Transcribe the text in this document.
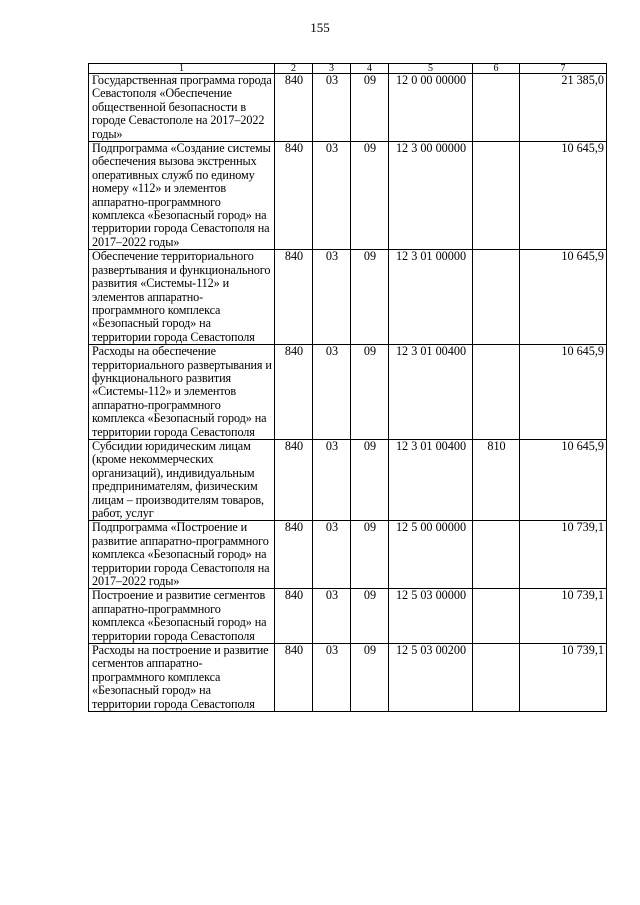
155
1	2	3	4	5	6	7
Государственная программа города Севастополя «Обеспечение общественной безопасности в городе Севастополе на 2017–2022 годы»	840	03	09	12 0 00 00000		21 385,0
Подпрограмма «Создание системы обеспечения вызова экстренных оперативных служб по единому номеру «112» и элементов аппаратно-программного комплекса «Безопасный город» на территории города Севастополя на 2017–2022 годы»	840	03	09	12 3 00 00000		10 645,9
Обеспечение территориального развертывания и функционального развития «Системы-112» и элементов аппаратно-программного комплекса «Безопасный город» на территории города Севастополя	840	03	09	12 3 01 00000		10 645,9
Расходы на обеспечение территориального развертывания и функционального развития «Системы-112» и элементов аппаратно-программного комплекса «Безопасный город» на территории города Севастополя	840	03	09	12 3 01 00400		10 645,9
Субсидии юридическим лицам (кроме некоммерческих организаций), индивидуальным предпринимателям, физическим лицам – производителям товаров, работ, услуг	840	03	09	12 3 01 00400	810	10 645,9
Подпрограмма «Построение и развитие аппаратно-программного комплекса «Безопасный город» на территории города Севастополя на 2017–2022 годы»	840	03	09	12 5 00 00000		10 739,1
Построение и развитие сегментов аппаратно-программного комплекса «Безопасный город» на территории города Севастополя	840	03	09	12 5 03 00000		10 739,1
Расходы на построение и развитие сегментов аппаратно-программного комплекса «Безопасный город» на территории города Севастополя	840	03	09	12 5 03 00200		10 739,1
